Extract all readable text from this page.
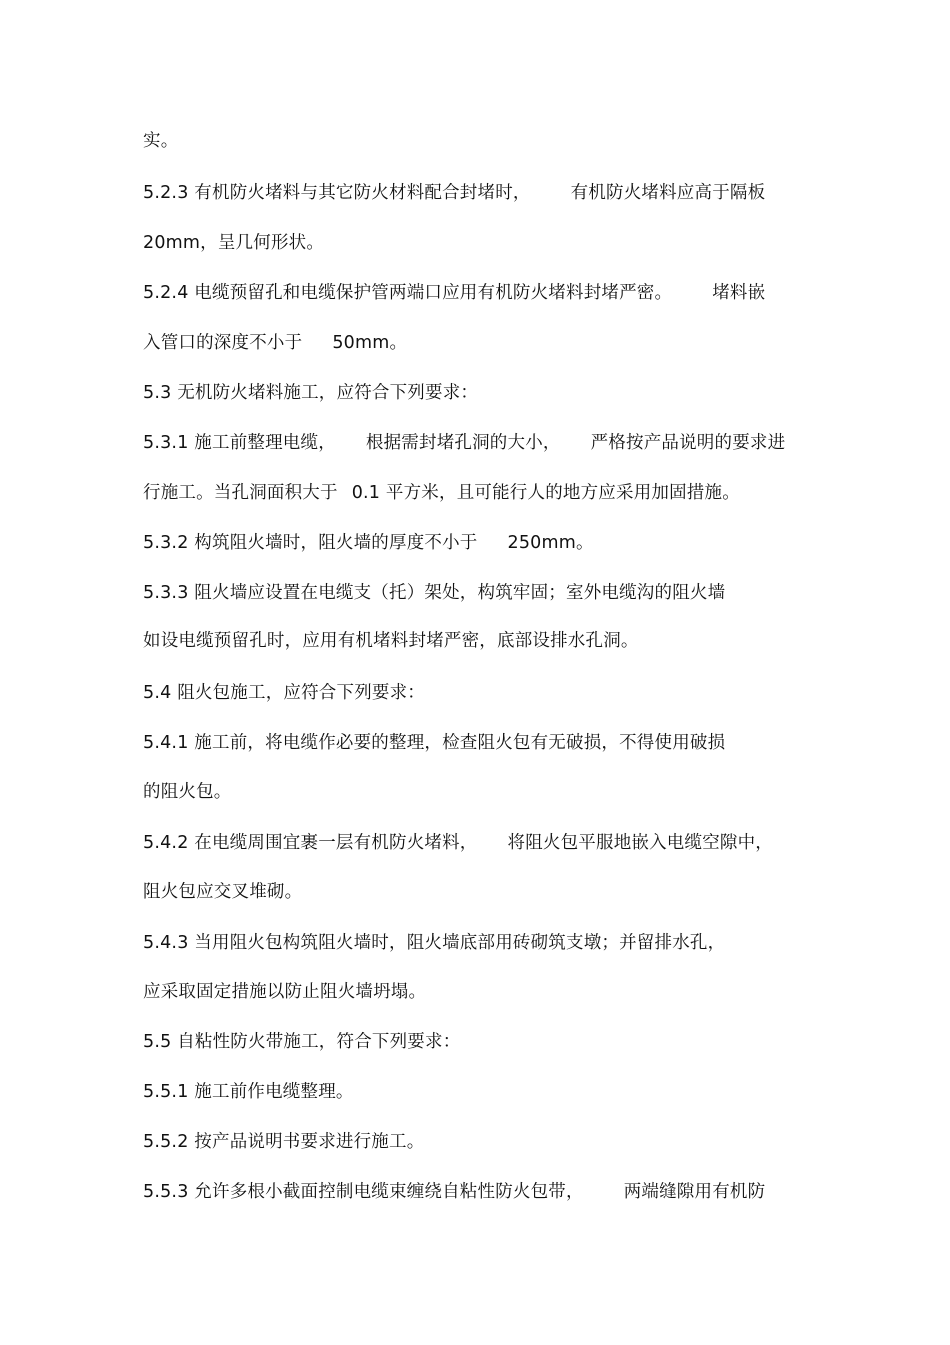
实。
5.2.3 有机防火堵料与其它防火材料配合封堵时， 有机防火堵料应高于隔板
20mm，呈几何形状。
5.2.4 电缆预留孔和电缆保护管两端口应用有机防火堵料封堵严密。 堵料嵌
入管口的深度不小于 50mm。
5.3 无机防火堵料施工，应符合下列要求：
5.3.1 施工前整理电缆， 根据需封堵孔洞的大小， 严格按产品说明的要求进
行施工。当孔洞面积大于 0.1 平方米，且可能行人的地方应采用加固措施。
5.3.2 构筑阻火墙时，阻火墙的厚度不小于 250mm。
5.3.3 阻火墙应设置在电缆支（托）架处，构筑牢固；室外电缆沟的阻火墙
如设电缆预留孔时，应用有机堵料封堵严密，底部设排水孔洞。
5.4 阻火包施工，应符合下列要求：
5.4.1 施工前，将电缆作必要的整理，检查阻火包有无破损，不得使用破损
的阻火包。
5.4.2 在电缆周围宜裹一层有机防火堵料， 将阻火包平服地嵌入电缆空隙中，
阻火包应交叉堆砌。
5.4.3 当用阻火包构筑阻火墙时，阻火墙底部用砖砌筑支墩；并留排水孔，
应采取固定措施以防止阻火墙坍塌。
5.5 自粘性防火带施工，符合下列要求：
5.5.1 施工前作电缆整理。
5.5.2 按产品说明书要求进行施工。
5.5.3 允许多根小截面控制电缆束缠绕自粘性防火包带， 两端缝隙用有机防
